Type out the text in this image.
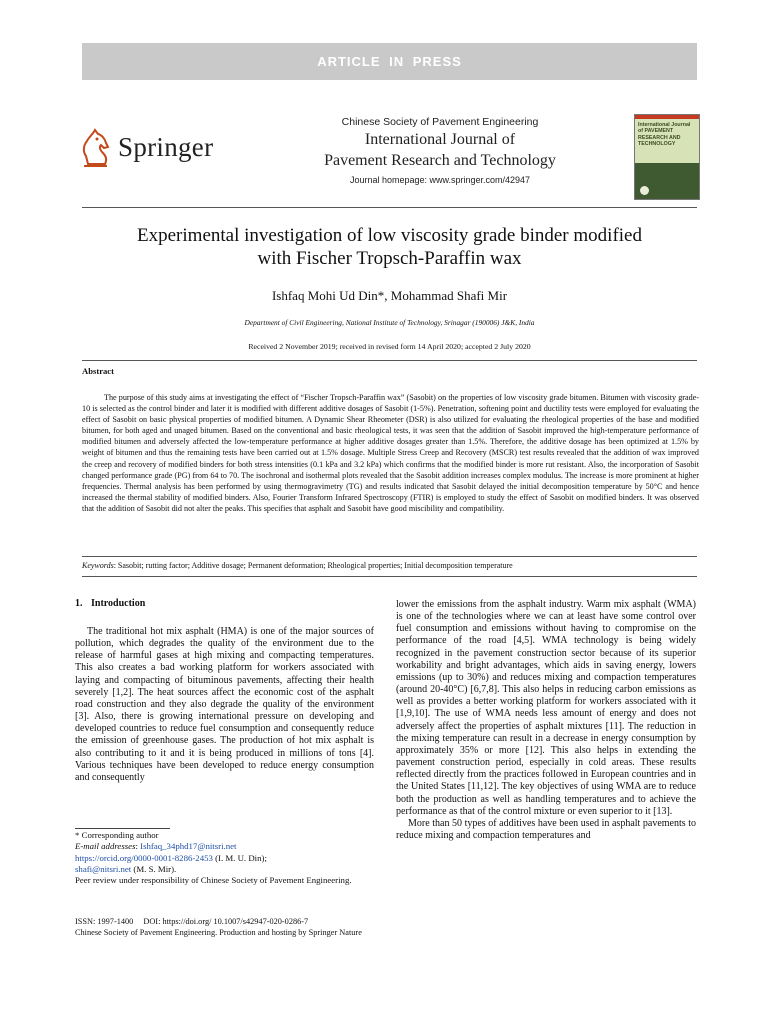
ARTICLE IN PRESS
Springer
Chinese Society of Pavement Engineering
International Journal of
Pavement Research and Technology
Journal homepage: www.springer.com/42947
International Journal of PAVEMENT RESEARCH AND TECHNOLOGY
Experimental investigation of low viscosity grade binder modified
with Fischer Tropsch-Paraffin wax
Ishfaq Mohi Ud Din*, Mohammad Shafi Mir
Department of Civil Engineering, National Institute of Technology, Srinagar (190006) J&K, India
Received 2 November 2019; received in revised form 14 April 2020; accepted 2 July 2020
Abstract
The purpose of this study aims at investigating the effect of “Fischer Tropsch-Paraffin wax” (Sasobit) on the properties of low viscosity grade bitumen. Bitumen with viscosity grade-10 is selected as the control binder and later it is modified with different additive dosages of Sasobit (1-5%). Penetration, softening point and ductility tests were employed for evaluating the effect of Sasobit on basic physical properties of modified bitumen. A Dynamic Shear Rheometer (DSR) is also utilized for evaluating the rheological properties of the base and modified bitumen, for both aged and unaged bitumen. Based on the conventional and basic rheological tests, it was seen that the addition of Sasobit improved the high-temperature performance of modified bitumen and adversely affected the low-temperature performance at higher additive dosages greater than 1.5%. Therefore, the additive dosage has been optimized at 1.5% by weight of bitumen and thus the remaining tests have been carried out at 1.5% dosage. Multiple Stress Creep and Recovery (MSCR) test results revealed that the addition of wax improved the creep and recovery of modified binders for both stress intensities (0.1 kPa and 3.2 kPa) which confirms that the modified binder is more rut resistant. Also, the incorporation of Sasobit changed performance grade (PG) from 64 to 70. The isochronal and isothermal plots revealed that the Sasobit addition increases complex modulus. The increase is more prominent at higher frequencies. Thermal analysis has been performed by using thermogravimetry (TG) and results indicated that Sasobit delayed the initial decomposition temperature by 50°C and hence increased the thermal stability of modified binders. Also, Fourier Transform Infrared Spectroscopy (FTIR) is employed to study the effect of Sasobit on modified binders. It was observed that the addition of Sasobit did not alter the peaks. This specifies that asphalt and Sasobit have good miscibility and compatibility.
Keywords: Sasobit; rutting factor; Additive dosage; Permanent deformation; Rheological properties; Initial decomposition temperature
1. Introduction

The traditional hot mix asphalt (HMA) is one of the major sources of pollution, which degrades the quality of the environment due to the release of harmful gases at high mixing and compacting temperatures. This also creates a bad working platform for workers associated with laying and compacting of bituminous pavements, affecting their health severely [1,2]. The heat sources affect the economic cost of the asphalt road construction and they also degrade the quality of the environment [3]. Also, there is growing international pressure on developing and developed countries to reduce fuel consumption and consequently reduce the emission of greenhouse gases. The production of hot mix asphalt is also contributing to it and it is being produced in millions of tons [4]. Various techniques have been developed to reduce energy consumption and consequently

lower the emissions from the asphalt industry. Warm mix asphalt (WMA) is one of the technologies where we can at least have some control over fuel consumption and emissions without having to compromise on the performance of the road [4,5]. WMA technology is being widely recognized in the pavement construction sector because of its superior workability and bright advantages, which aids in saving energy, lowers emissions (up to 30%) and reduces mixing and compaction temperatures (around 20-40°C) [6,7,8]. This also helps in reducing carbon emissions as well as provides a better working platform for workers associated with it [1,9,10]. The use of WMA needs less amount of energy and does not adversely affect the properties of asphalt mixtures [11]. The reduction in the mixing temperature can result in a decrease in energy consumption by approximately 35% or more [12]. This also helps in extending the pavement construction period, especially in cold areas. These results reflected directly from the practices followed in European countries and in the United States [11,12]. The key objectives of using WMA are to reduce both the production as well as handling temperatures and to achieve the performance as that of the control mixture or even superior to it [13].

More than 50 types of additives have been used in asphalt pavements to reduce mixing and compaction temperatures and

* Corresponding author
E-mail addresses: Ishfaq_34phd17@nitsri.net
https://orcid.org/0000-0001-8286-2453 (I. M. U. Din);
shafi@nitsri.net (M. S. Mir).
Peer review under responsibility of Chinese Society of Pavement Engineering.
ISSN: 1997-1400 DOI: https://doi.org/ 10.1007/s42947-020-0286-7
Chinese Society of Pavement Engineering. Production and hosting by Springer Nature
